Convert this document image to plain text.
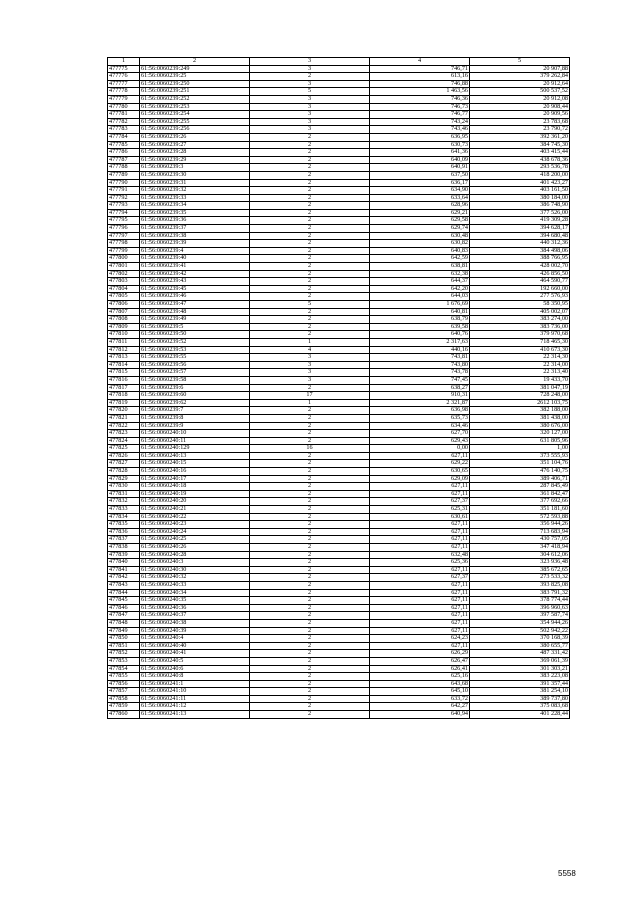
1	2	3	4	5
477775	61:56:0060239:249	3	746,71	20 907,88
477776	61:56:0060239:25	2	613,16	379 262,84
477777	61:56:0060239:250	3	746,88	20 912,64
477778	61:56:0060239:251	5	1 463,56	500 537,52
477779	61:56:0060239:252	3	746,36	20 912,08
477780	61:56:0060239:253	3	746,73	20 908,44
477781	61:56:0060239:254	3	746,77	20 909,56
477782	61:56:0060239:255	3	743,24	23 783,68
477783	61:56:0060239:256	3	743,46	23 790,72
477784	61:56:0060239:26	2	636,95	392 361,20
477785	61:56:0060239:27	2	630,73	384 745,30
477786	61:56:0060239:28	2	641,36	403 415,44
477787	61:56:0060239:29	2	640,09	438 678,36
477788	61:56:0060239:3	2	640,91	293 536,78
477789	61:56:0060239:30	2	637,50	418 200,00
477790	61:56:0060239:31	2	636,17	401 423,27
477791	61:56:0060239:32	2	634,90	403 161,50
477792	61:56:0060239:33	2	633,64	380 184,00
477793	61:56:0060239:34	2	628,96	386 748,90
477794	61:56:0060239:35	2	629,21	377 526,00
477795	61:56:0060239:36	2	629,58	419 309,28
477796	61:56:0060239:37	2	629,74	394 628,17
477797	61:56:0060239:38	2	630,48	394 680,48
477798	61:56:0060239:39	2	630,82	440 312,36
477799	61:56:0060239:4	2	640,83	384 498,06
477800	61:56:0060239:40	2	642,59	388 766,95
477801	61:56:0060239:41	2	638,81	428 002,70
477802	61:56:0060239:42	2	632,38	426 856,50
477803	61:56:0060239:43	2	644,37	464 590,77
477804	61:56:0060239:45	2	642,20	192 660,00
477805	61:56:0060239:46	2	644,03	277 576,93
477806	61:56:0060239:47	5	1 676,69	58 350,95
477807	61:56:0060239:48	2	640,81	405 002,07
477808	61:56:0060239:49	2	638,79	383 274,00
477809	61:56:0060239:5	2	639,58	383 736,00
477810	61:56:0060239:50	2	640,76	379 970,68
477811	61:56:0060239:52	1	2 317,63	718 465,30
477812	61:56:0060239:53	4	440,16	410 673,30
477813	61:56:0060239:55	3	743,81	22 314,30
477814	61:56:0060239:56	3	743,80	22 314,00
477815	61:56:0060239:57	3	743,78	22 313,40
477816	61:56:0060239:58	3	747,45	19 433,70
477817	61:56:0060239:6	2	638,27	381 047,19
477818	61:56:0060239:60	17	910,31	728 248,00
477819	61:56:0060239:62	1	2 321,87	2612 103,75
477820	61:56:0060239:7	2	636,98	382 188,00
477821	61:56:0060239:8	2	635,73	381 438,00
477822	61:56:0060239:9	2	634,46	380 676,00
477823	61:56:0060240:10	2	627,70	320 127,00
477824	61:56:0060240:11	2	629,43	631 805,96
477825	61:56:0060240:129	16	0,00	1,00
477826	61:56:0060240:13	2	627,11	373 555,93
477827	61:56:0060240:15	2	629,22	351 104,76
477828	61:56:0060240:16	2	630,65	476 140,75
477829	61:56:0060240:17	2	629,09	389 406,71
477830	61:56:0060240:18	2	627,11	287 845,49
477831	61:56:0060240:19	2	627,11	361 842,47
477832	61:56:0060240:20	2	627,37	377 692,66
477833	61:56:0060240:21	2	625,31	351 181,60
477834	61:56:0060240:22	2	630,61	572 593,88
477835	61:56:0060240:23	2	627,11	356 944,26
477836	61:56:0060240:24	2	627,11	713 683,94
477837	61:56:0060240:25	2	627,11	430 757,05
477838	61:56:0060240:26	2	627,11	347 418,94
477839	61:56:0060240:28	2	632,48	304 612,06
477840	61:56:0060240:3	2	625,36	323 936,48
477841	61:56:0060240:30	2	627,11	385 672,65
477842	61:56:0060240:32	2	627,37	273 533,32
477843	61:56:0060240:33	2	627,11	393 825,08
477844	61:56:0060240:34	2	627,11	383 791,32
477845	61:56:0060240:35	2	627,11	378 774,44
477846	61:56:0060240:36	2	627,11	396 960,63
477847	61:56:0060240:37	2	627,11	397 587,74
477848	61:56:0060240:38	2	627,11	354 944,26
477849	61:56:0060240:39	2	627,11	502 942,22
477850	61:56:0060240:4	2	624,23	370 168,39
477851	61:56:0060240:40	2	627,11	380 655,77
477852	61:56:0060240:41	2	626,29	487 331,42
477853	61:56:0060240:5	2	626,47	369 061,39
477854	61:56:0060240:6	2	626,41	301 303,21
477855	61:56:0060240:8	2	625,16	383 223,08
477856	61:56:0060241:1	2	643,68	391 357,44
477857	61:56:0060241:10	2	645,10	381 254,10
477858	61:56:0060241:11	2	633,72	389 737,80
477859	61:56:0060241:12	2	642,27	375 083,68
477860	61:56:0060241:13	2	640,94	401 228,44
5558
